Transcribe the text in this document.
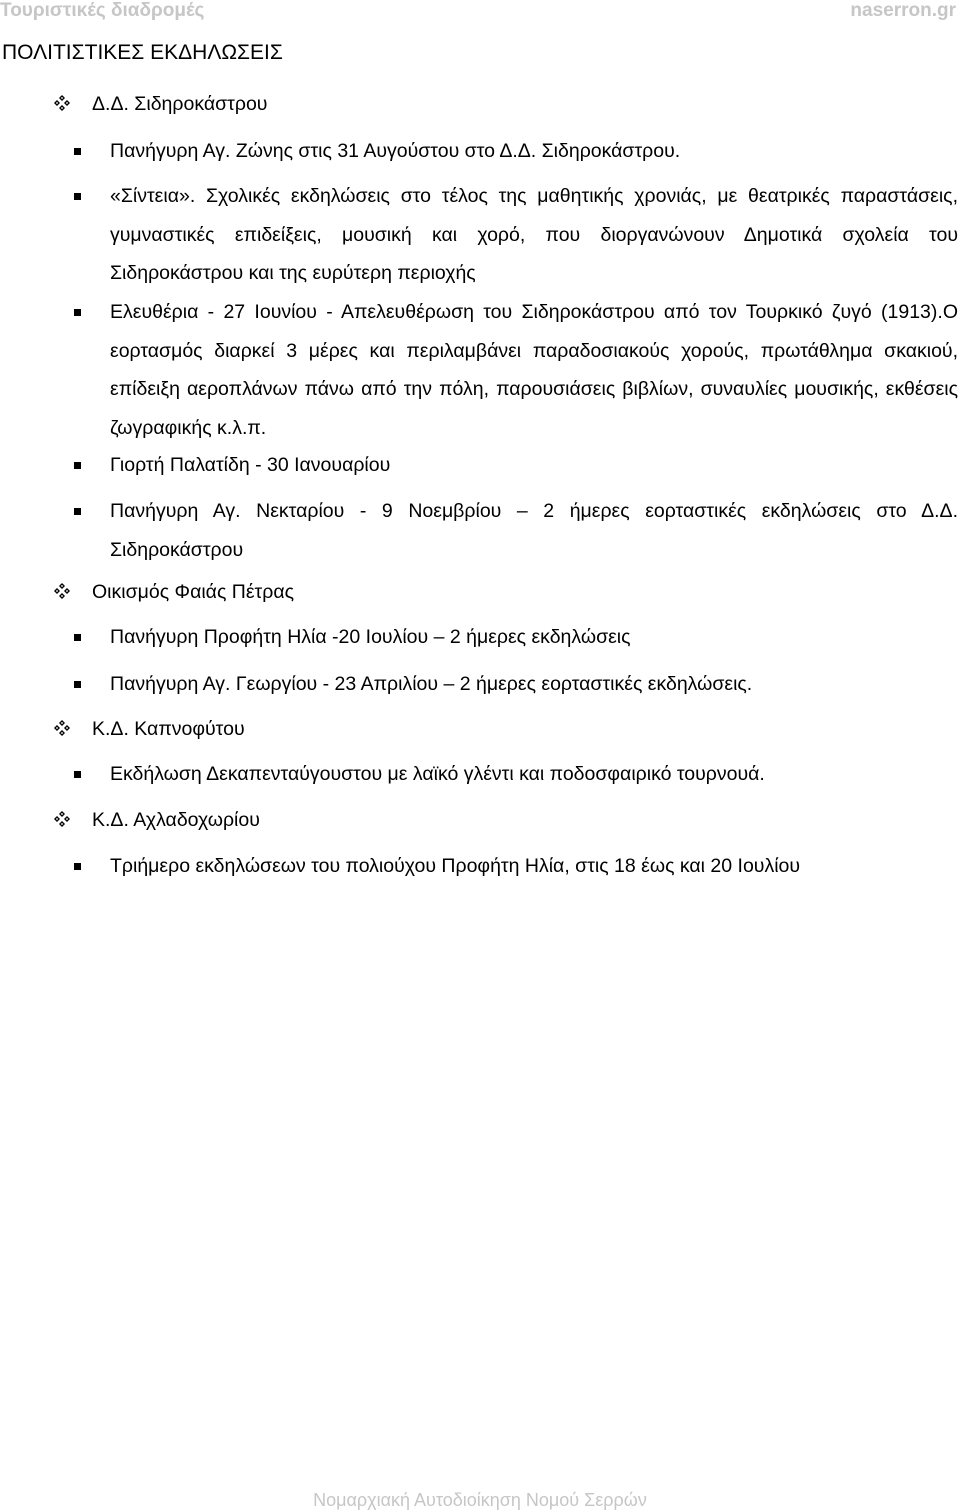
Τουριστικές διαδρομές	naserron.gr
ΠΟΛΙΤΙΣΤΙΚΕΣ ΕΚΔΗΛΩΣΕΙΣ
Δ.Δ. Σιδηροκάστρου
Πανήγυρη Αγ. Ζώνης στις 31 Αυγούστου στο Δ.Δ. Σιδηροκάστρου.
«Σίντεια». Σχολικές εκδηλώσεις στο τέλος της μαθητικής χρονιάς, με θεατρικές παραστάσεις, γυμναστικές επιδείξεις, μουσική και χορό, που διοργανώνουν Δημοτικά σχολεία του Σιδηροκάστρου και της ευρύτερη περιοχής
Ελευθέρια - 27 Ιουνίου - Απελευθέρωση του Σιδηροκάστρου από τον Τουρκικό ζυγό (1913).Ο εορτασμός διαρκεί 3 μέρες και περιλαμβάνει παραδοσιακούς χορούς, πρωτάθλημα σκακιού, επίδειξη αεροπλάνων πάνω από την πόλη, παρουσιάσεις βιβλίων, συναυλίες μουσικής, εκθέσεις ζωγραφικής κ.λ.π.
Γιορτή Παλατίδη - 30 Ιανουαρίου
Πανήγυρη Αγ. Νεκταρίου - 9 Νοεμβρίου – 2 ήμερες εορταστικές εκδηλώσεις στο Δ.Δ. Σιδηροκάστρου
Οικισμός Φαιάς Πέτρας
Πανήγυρη Προφήτη Ηλία -20 Ιουλίου – 2 ήμερες εκδηλώσεις
Πανήγυρη Αγ. Γεωργίου - 23 Απριλίου – 2 ήμερες εορταστικές εκδηλώσεις.
Κ.Δ. Καπνοφύτου
Εκδήλωση Δεκαπενταύγουστου με λαϊκό γλέντι και ποδοσφαιρικό τουρνουά.
Κ.Δ. Αχλαδοχωρίου
Τριήμερο εκδηλώσεων του πολιούχου Προφήτη Ηλία, στις 18 έως και 20 Ιουλίου
Νομαρχιακή Αυτοδιοίκηση Νομού Σερρών
